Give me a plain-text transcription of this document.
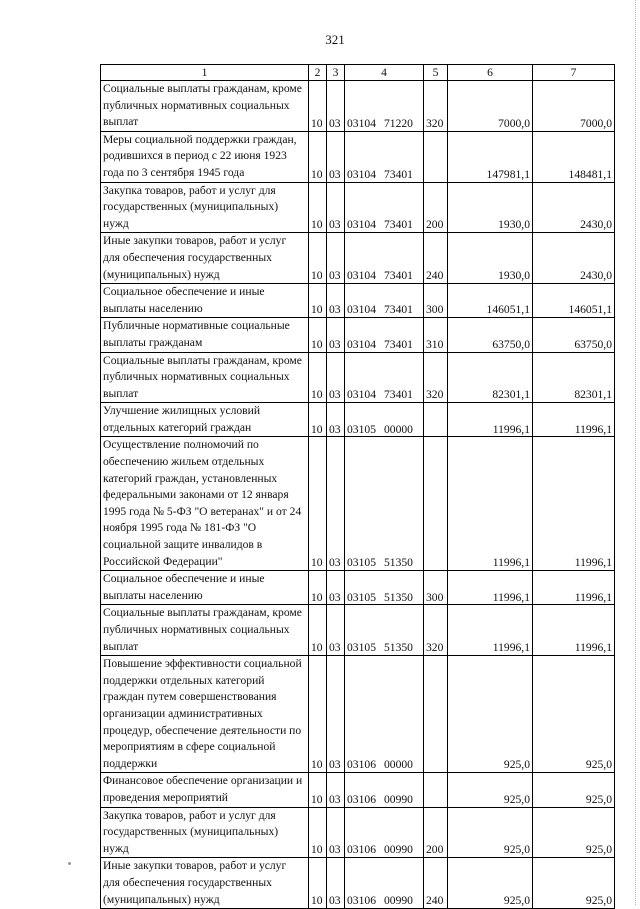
321
1	2	3	4	5	6	7
Социальные выплаты гражданам, кроме публичных нормативных социальных выплат	10	03	03104 71220	320	7000,0	7000,0
Меры социальной поддержки граждан, родившихся в период с 22 июня 1923 года по 3 сентября 1945 года	10	03	03104 73401		147981,1	148481,1
Закупка товаров, работ и услуг для государственных (муниципальных) нужд	10	03	03104 73401	200	1930,0	2430,0
Иные закупки товаров, работ и услуг для обеспечения государственных (муниципальных) нужд	10	03	03104 73401	240	1930,0	2430,0
Социальное обеспечение и иные выплаты населению	10	03	03104 73401	300	146051,1	146051,1
Публичные нормативные социальные выплаты гражданам	10	03	03104 73401	310	63750,0	63750,0
Социальные выплаты гражданам, кроме публичных нормативных социальных выплат	10	03	03104 73401	320	82301,1	82301,1
Улучшение жилищных условий отдельных категорий граждан	10	03	03105 00000		11996,1	11996,1
Осуществление полномочий по обеспечению жильем отдельных категорий граждан, установленных федеральными законами от 12 января 1995 года № 5-ФЗ "О ветеранах" и от 24 ноября 1995 года № 181-ФЗ "О социальной защите инвалидов в Российской Федерации"	10	03	03105 51350		11996,1	11996,1
Социальное обеспечение и иные выплаты населению	10	03	03105 51350	300	11996,1	11996,1
Социальные выплаты гражданам, кроме публичных нормативных социальных выплат	10	03	03105 51350	320	11996,1	11996,1
Повышение эффективности социальной поддержки отдельных категорий граждан путем совершенствования организации административных процедур, обеспечение деятельности по мероприятиям в сфере социальной поддержки	10	03	03106 00000		925,0	925,0
Финансовое обеспечение организации и проведения мероприятий	10	03	03106 00990		925,0	925,0
Закупка товаров, работ и услуг для государственных (муниципальных) нужд	10	03	03106 00990	200	925,0	925,0
Иные закупки товаров, работ и услуг для обеспечения государственных (муниципальных) нужд	10	03	03106 00990	240	925,0	925,0
